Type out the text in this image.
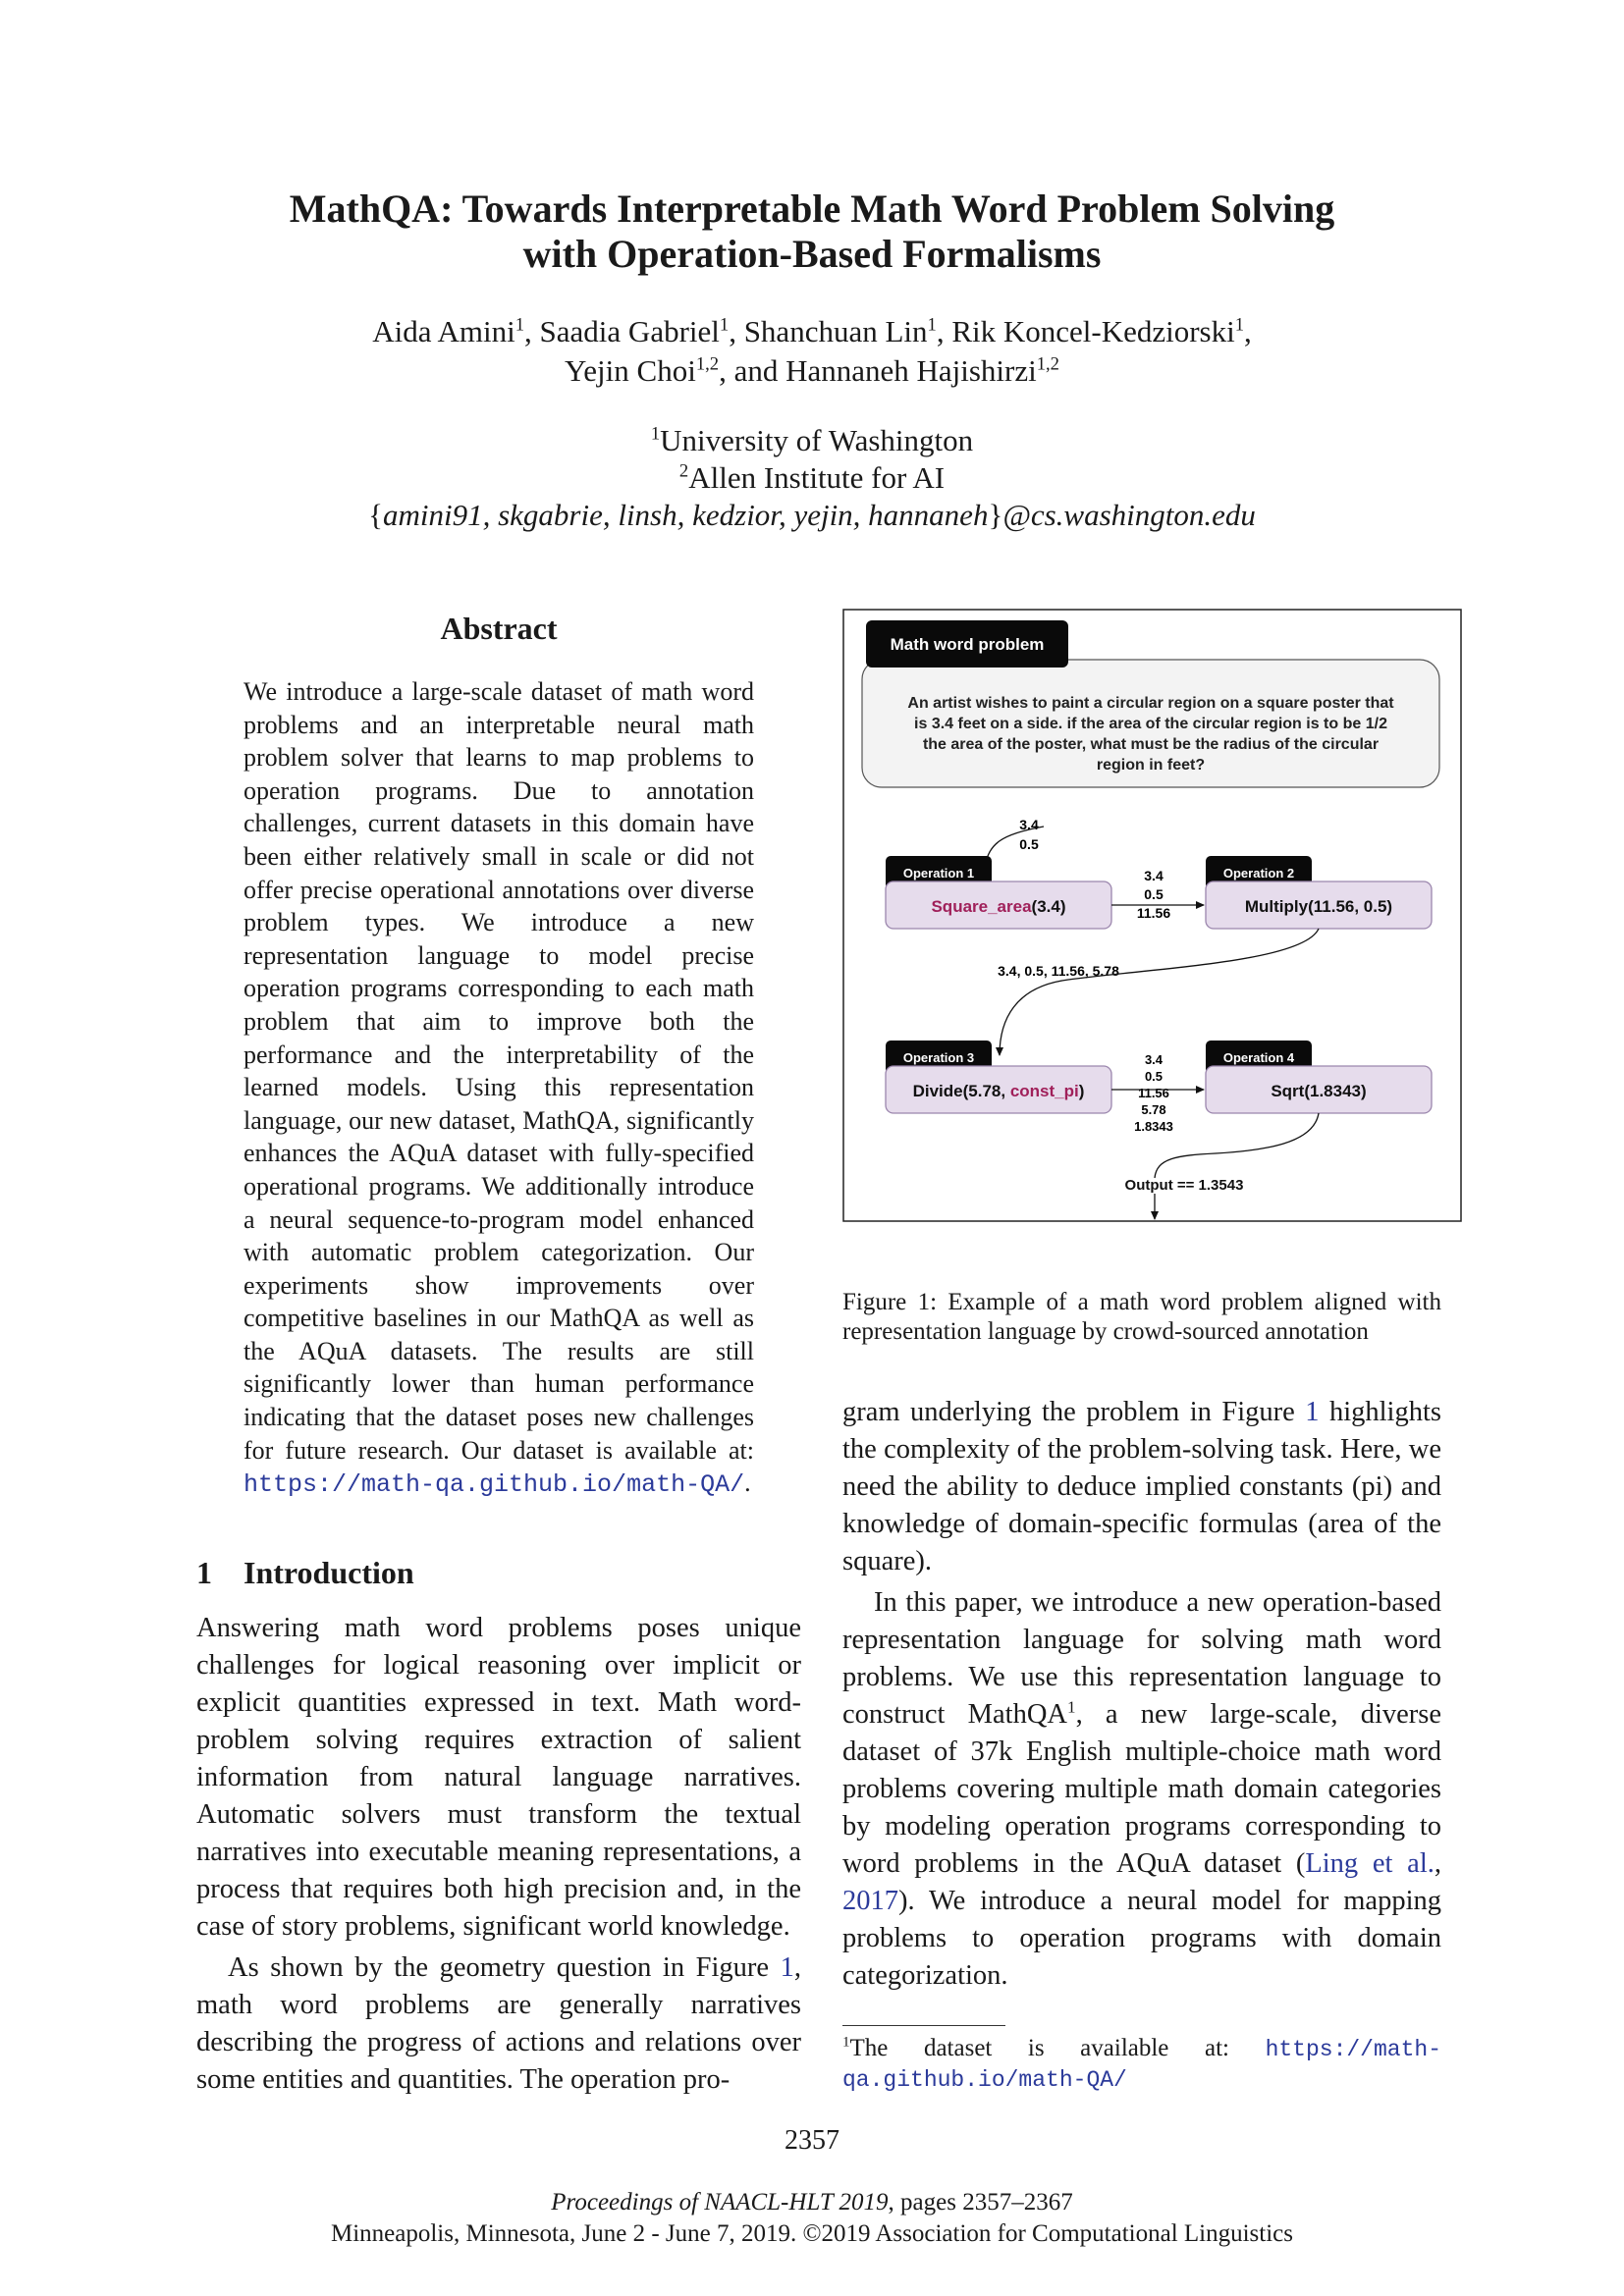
MathQA: Towards Interpretable Math Word Problem Solving
with Operation-Based Formalisms
Aida Amini$^1$, Saadia Gabriel$^1$, Shanchuan Lin$^1$, Rik Koncel-Kedziorski$^1$,
Yejin Choi$^{1,2}$, and Hannaneh Hajishirzi$^{1,2}$
$^1$University of Washington
$^2$Allen Institute for AI
{amini91, skgabrie, linsh, kedzior, yejin, hannaneh}@cs.washington.edu
Abstract
We introduce a large-scale dataset of math word problems and an interpretable neural math problem solver that learns to map problems to operation programs. Due to annotation challenges, current datasets in this domain have been either relatively small in scale or did not offer precise operational annotations over diverse problem types. We introduce a new representation language to model precise operation programs corresponding to each math problem that aim to improve both the performance and the interpretability of the learned models. Using this representation language, our new dataset, MathQA, significantly enhances the AQuA dataset with fully-specified operational programs. We additionally introduce a neural sequence-to-program model enhanced with automatic problem categorization. Our experiments show improvements over competitive baselines in our MathQA as well as the AQuA datasets. The results are still significantly lower than human performance indicating that the dataset poses new challenges for future research. Our dataset is available at: https://math-qa.github.io/math-QA/.
1 Introduction

Answering math word problems poses unique challenges for logical reasoning over implicit or explicit quantities expressed in text. Math word-problem solving requires extraction of salient information from natural language narratives. Automatic solvers must transform the textual narratives into executable meaning representations, a process that requires both high precision and, in the case of story problems, significant world knowledge.

As shown by the geometry question in Figure 1, math word problems are generally narratives describing the progress of actions and relations over some entities and quantities. The operation pro-

Math word problem
An artist wishes to paint a circular region on a square poster that
is 3.4 feet on a side. if the area of the circular region is to be 1/2
the area of the poster, what must be the radius of the circular
region in feet?
3.4
0.5
Operation 1
Square_area(3.4)
3.4
0.5
11.56
Operation 2
Multiply(11.56, 0.5)
3.4, 0.5, 11.56, 5.78
Operation 3
Divide(5.78, const_pi)
3.4
0.5
11.56
5.78
1.8343
Operation 4
Sqrt(1.8343)
Output == 1.3543
Figure 1: Example of a math word problem aligned with representation language by crowd-sourced annotation

gram underlying the problem in Figure 1 highlights the complexity of the problem-solving task. Here, we need the ability to deduce implied constants (pi) and knowledge of domain-specific formulas (area of the square).

In this paper, we introduce a new operation-based representation language for solving math word problems. We use this representation language to construct MathQA$^1$, a new large-scale, diverse dataset of 37k English multiple-choice math word problems covering multiple math domain categories by modeling operation programs corresponding to word problems in the AQuA dataset (Ling et al., 2017). We introduce a neural model for mapping problems to operation programs with domain categorization.

$^1$The dataset is available at: https://math-qa.github.io/math-QA/
2357
Proceedings of NAACL-HLT 2019, pages 2357–2367
Minneapolis, Minnesota, June 2 - June 7, 2019. ©2019 Association for Computational Linguistics
